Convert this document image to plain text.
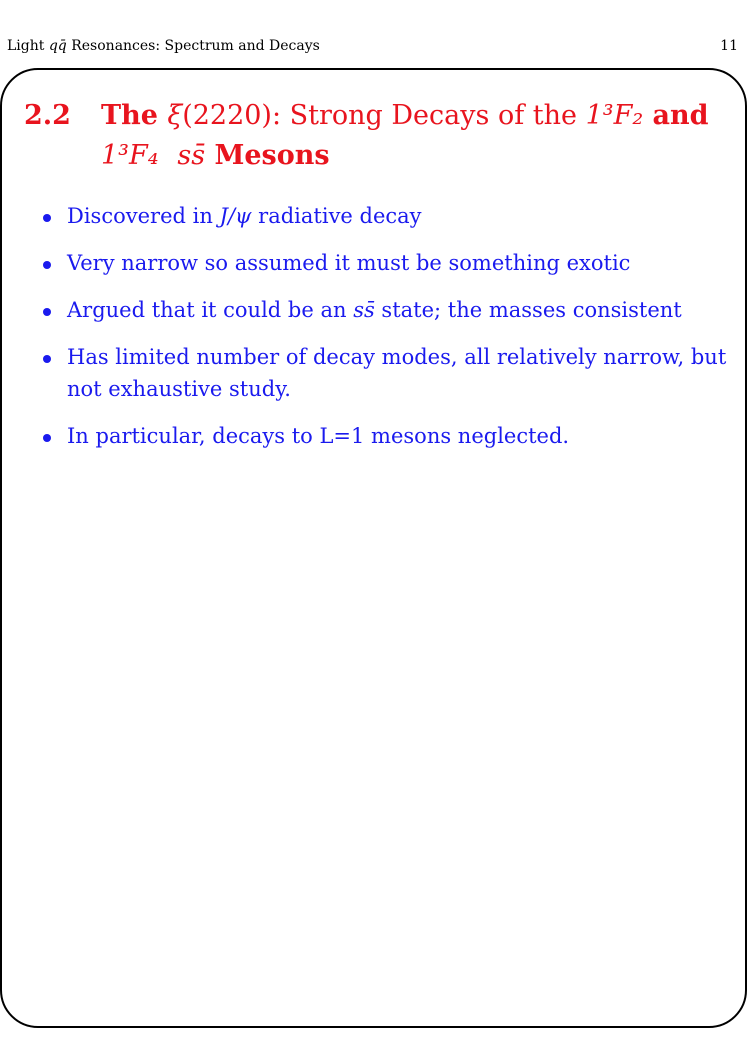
Light qq̄ Resonances: Spectrum and Decays	11
2.2 The ξ(2220): Strong Decays of the 1³F₂ and
1³F₄ ss̄ Mesons
Discovered in J/ψ radiative decay
Very narrow so assumed it must be something exotic
Argued that it could be an ss̄ state; the masses consistent
Has limited number of decay modes, all relatively narrow, but not exhaustive study.
In particular, decays to L=1 mesons neglected.
